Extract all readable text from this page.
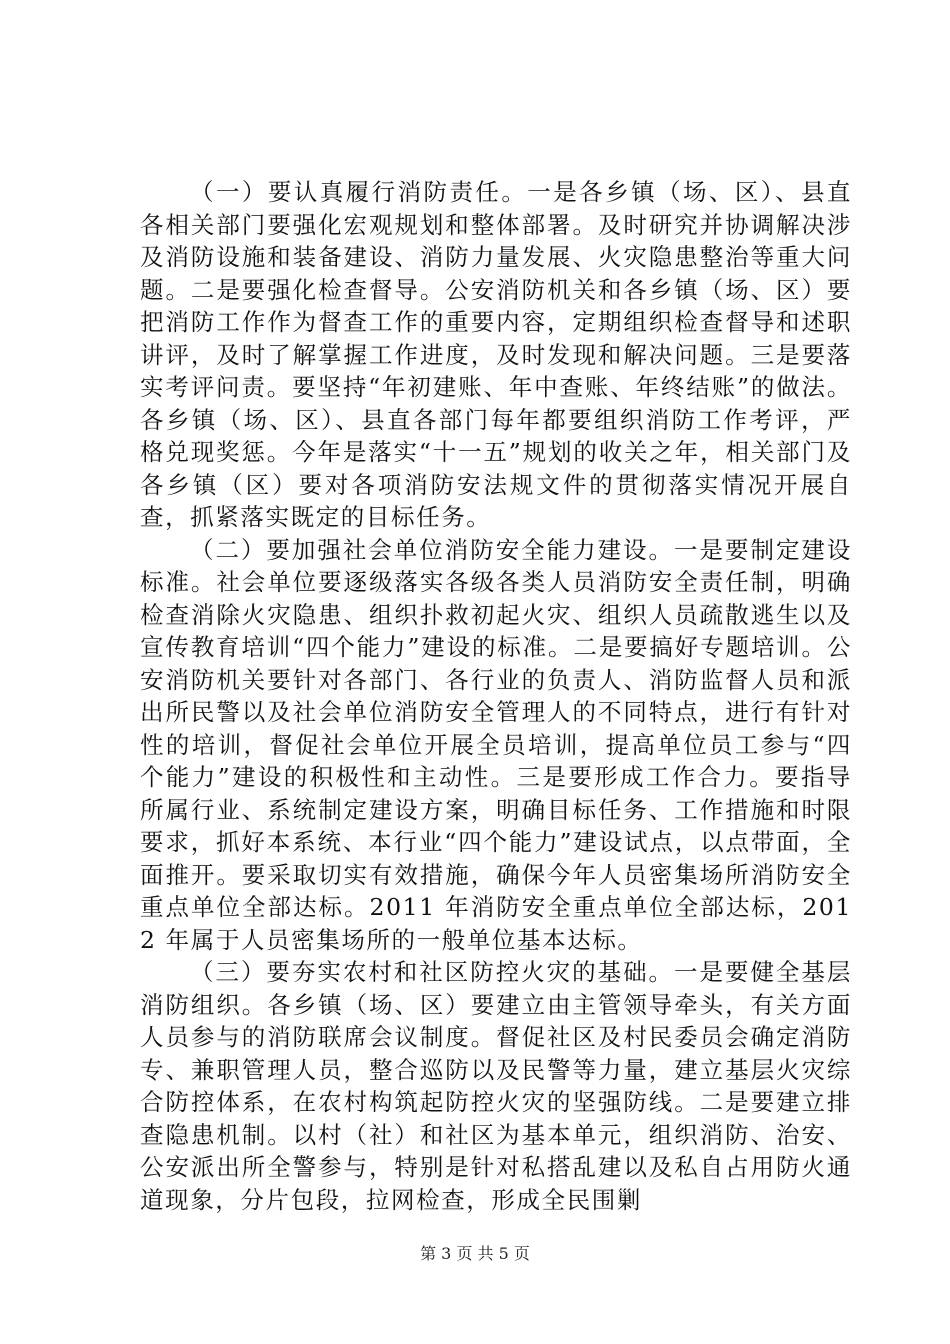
（一）要认真履行消防责任。一是各乡镇（场、区）、县直各相关部门要强化宏观规划和整体部署。及时研究并协调解决涉及消防设施和装备建设、消防力量发展、火灾隐患整治等重大问题。二是要强化检查督导。公安消防机关和各乡镇（场、区）要把消防工作作为督查工作的重要内容，定期组织检查督导和述职讲评，及时了解掌握工作进度，及时发现和解决问题。三是要落实考评问责。要坚持“年初建账、年中查账、年终结账”的做法。各乡镇（场、区）、县直各部门每年都要组织消防工作考评，严格兑现奖惩。今年是落实“十一五”规划的收关之年，相关部门及各乡镇（区）要对各项消防安法规文件的贯彻落实情况开展自查，抓紧落实既定的目标任务。

（二）要加强社会单位消防安全能力建设。一是要制定建设标准。社会单位要逐级落实各级各类人员消防安全责任制，明确检查消除火灾隐患、组织扑救初起火灾、组织人员疏散逃生以及宣传教育培训“四个能力”建设的标准。二是要搞好专题培训。公安消防机关要针对各部门、各行业的负责人、消防监督人员和派出所民警以及社会单位消防安全管理人的不同特点，进行有针对性的培训，督促社会单位开展全员培训，提高单位员工参与“四个能力”建设的积极性和主动性。三是要形成工作合力。要指导所属行业、系统制定建设方案，明确目标任务、工作措施和时限要求，抓好本系统、本行业“四个能力”建设试点，以点带面，全面推开。要采取切实有效措施，确保今年人员密集场所消防安全重点单位全部达标。2011 年消防安全重点单位全部达标，2012 年属于人员密集场所的一般单位基本达标。

（三）要夯实农村和社区防控火灾的基础。一是要健全基层消防组织。各乡镇（场、区）要建立由主管领导牵头，有关方面人员参与的消防联席会议制度。督促社区及村民委员会确定消防专、兼职管理人员，整合巡防以及民警等力量，建立基层火灾综合防控体系，在农村构筑起防控火灾的坚强防线。二是要建立排查隐患机制。以村（社）和社区为基本单元，组织消防、治安、公安派出所全警参与，特别是针对私搭乱建以及私自占用防火通道现象，分片包段，拉网检查，形成全民围剿

第 3 页 共 5 页
